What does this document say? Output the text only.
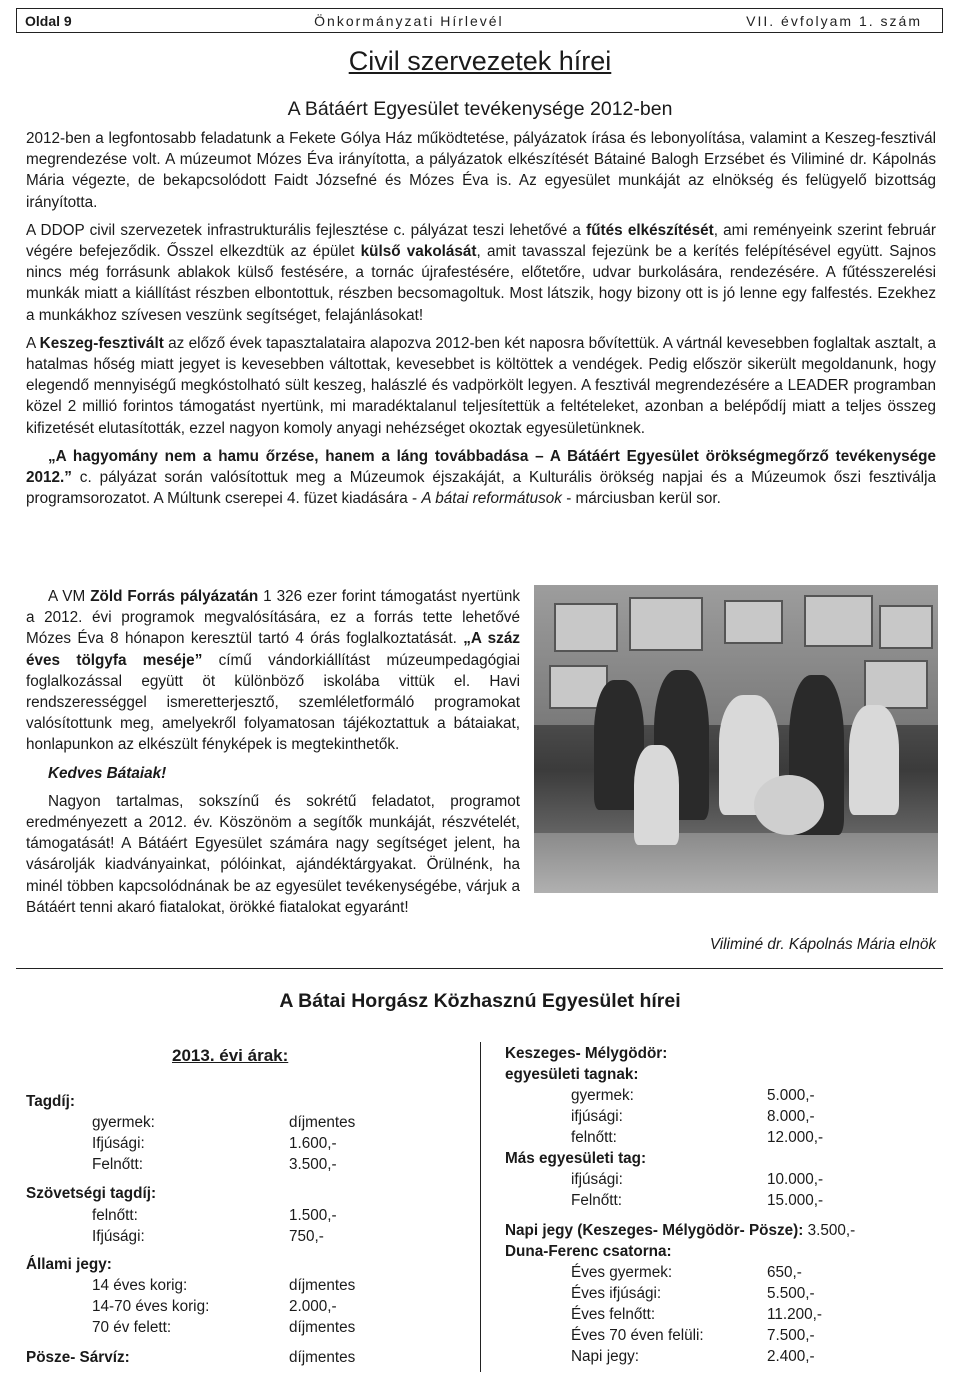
Oldal 9	Önkormányzati Hírlevél	VII. évfolyam 1. szám
Civil szervezetek hírei
A Bátáért Egyesület tevékenysége 2012-ben

2012-ben a legfontosabb feladatunk a Fekete Gólya Ház működtetése, pályázatok írása és lebonyolítása, valamint a Keszeg-fesztivál megrendezése volt. A múzeumot Mózes Éva irányította, a pályázatok elkészítését Bátainé Balogh Erzsébet és Viliminé dr. Kápolnás Mária végezte, de bekapcsolódott Faidt Józsefné és Mózes Éva is. Az egyesület munkáját az elnökség és felügyelő bizottság irányította.

A DDOP civil szervezetek infrastrukturális fejlesztése c. pályázat teszi lehetővé a fűtés elkészítését, ami reményeink szerint február végére befejeződik. Ősszel elkezdtük az épület külső vakolását, amit tavasszal fejezünk be a kerítés felépítésével együtt. Sajnos nincs még forrásunk ablakok külső festésére, a tornác újrafestésére, előtetőre, udvar burkolására, rendezésére. A fűtésszerelési munkák miatt a kiállítást részben elbontottuk, részben becsomagoltuk. Most látszik, hogy bizony ott is jó lenne egy falfestés. Ezekhez a munkákhoz szívesen veszünk segítséget, felajánlásokat!

A Keszeg-fesztivált az előző évek tapasztalataira alapozva 2012-ben két naposra bővítettük. A vártnál kevesebben foglaltak asztalt, a hatalmas hőség miatt jegyet is kevesebben váltottak, kevesebbet is költöttek a vendégek. Pedig először sikerült megoldanunk, hogy elegendő mennyiségű megkóstolható sült keszeg, halászlé és vadpörkölt legyen. A fesztivál megrendezésére a LEADER programban közel 2 millió forintos támogatást nyertünk, mi maradéktalanul teljesítettük a feltételeket, azonban a belépődíj miatt a teljes összeg kifizetését elutasították, ezzel nagyon komoly anyagi nehézséget okoztak egyesületünknek.

„A hagyomány nem a hamu őrzése, hanem a láng továbbadása – A Bátáért Egyesület örökségmegőrző tevékenysége 2012.” c. pályázat során valósítottuk meg a Múzeumok éjszakáját, a Kulturális örökség napjai és a Múzeumok őszi fesztiválja programsorozatot. A Múltunk cserepei 4. füzet kiadására - A bátai reformátusok - márciusban kerül sor.

A VM Zöld Forrás pályázatán 1 326 ezer forint támogatást nyertünk a 2012. évi programok megvalósítására, ez a forrás tette lehetővé Mózes Éva 8 hónapon keresztül tartó 4 órás foglalkoztatását. „A száz éves tölgyfa meséje” című vándorkiállítást múzeumpedagógiai foglalkozással együtt öt különböző iskolába vittük el. Havi rendszerességgel ismeretterjesztő, szemléletformáló programokat valósítottunk meg, amelyekről folyamatosan tájékoztattuk a bátaiakat, honlapunkon az elkészült fényképek is megtekinthetők.

Kedves Bátaiak!

Nagyon tartalmas, sokszínű és sokrétű feladatot, programot eredményezett a 2012. év. Köszönöm a segítők munkáját, részvételét, támogatását! A Bátáért Egyesület számára nagy segítséget jelent, ha vásárolják kiadványainkat, pólóinkat, ajándéktárgyakat. Örülnénk, ha minél többen kapcsolódnának be az egyesület tevékenységébe, várjuk a Bátáért tenni akaró fiatalokat, örökké fiatalokat egyaránt!

Viliminé dr. Kápolnás Mária elnök
A Bátai Horgász Közhasznú Egyesület hírei
2013. évi árak:
Tagdíj:
gyermek:	díjmentes
Ifjúsági:	1.600,-
Felnőtt:	3.500,-
Szövetségi tagdíj:
felnőtt:	1.500,-
Ifjúsági:	750,-
Állami jegy:
14 éves korig:	díjmentes
14-70 éves korig:	2.000,-
70 év felett:	díjmentes
Pösze- Sárvíz:	díjmentes
Keszeges- Mélygödör:
egyesületi tagnak:
gyermek:	5.000,-
ifjúsági:	8.000,-
felnőtt:	12.000,-
Más egyesületi tag:
ifjúsági:	10.000,-
Felnőtt:	15.000,-
Napi jegy (Keszeges- Mélygödör- Pösze): 3.500,-
Duna-Ferenc csatorna:
Éves gyermek:	650,-
Éves ifjúsági:	5.500,-
Éves felnőtt:	11.200,-
Éves 70 éven felüli:	7.500,-
Napi jegy:	2.400,-
